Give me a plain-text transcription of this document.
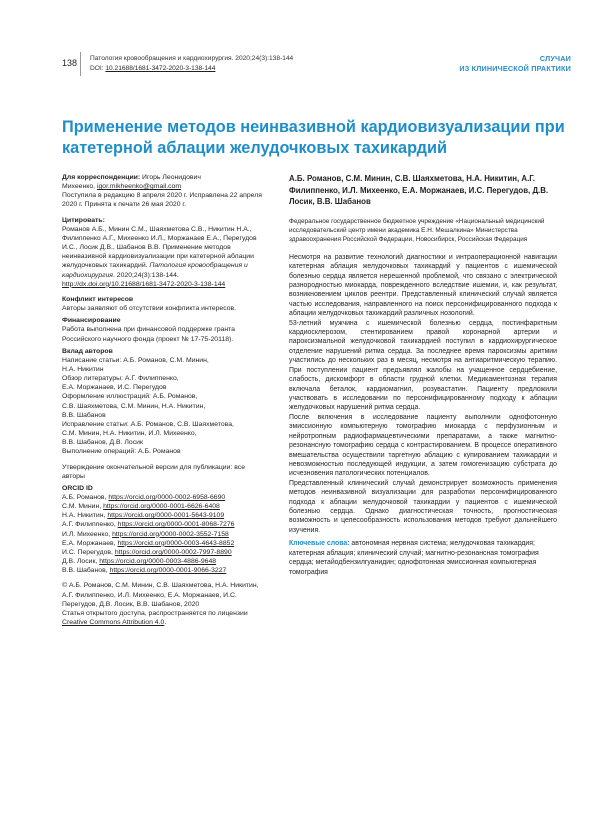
138 Патология кровообращения и кардиохирургия. 2020;24(3):138-144
DOI: 10.21688/1681-3472-2020-3-138-144
СЛУЧАИ
ИЗ КЛИНИЧЕСКОЙ ПРАКТИКИ
Применение методов неинвазивной кардиовизуализации при катетерной аблации желудочковых тахикардий

Для корреспонденции: Игорь Леонидович
Михеенко, igor.mikheenko@gmail.com

Поступила в редакцию 8 апреля 2020 г. Исправлена 22 апреля 2020 г. Принята к печати 26 мая 2020 г.

Цитировать:

Романов А.Б., Минин С.М., Шаяхметова С.В., Никитин Н.А., Филиппенко А.Г., Михеенко И.Л., Моржанаев Е.А., Перегудов И.С., Лосик Д.В., Шабанов В.В. Применение методов неинвазивной кардиовизуализации при катетерной аблации желудочковых тахикардий. Патология кровообращения и кардиохирургия. 2020;24(3):138-144. http://dx.doi.org/10.21688/1681-3472-2020-3-138-144

Конфликт интересов

Авторы заявляют об отсутствии конфликта интересов.

Финансирование

Работа выполнена при финансовой поддержке гранта Российского научного фонда (проект № 17-75-20118).

Вклад авторов

Написание статьи: А.Б. Романов, С.М. Минин,

Н.А. Никитин

Обзор литературы: А.Г. Филиппенко,

Е.А. Моржанаев, И.С. Перегудов

Оформление иллюстраций: А.Б. Романов,

С.В. Шаяхметова, С.М. Минин, Н.А. Никитин,

В.В. Шабанов

Исправление статьи: А.Б. Романов, С.В. Шаяхметова,

С.М. Минин, Н.А. Никитин, И.Л. Михеенко,

В.В. Шабанов, Д.В. Лосик

Выполнение операций: А.Б. Романов

Утверждение окончательной версии для публикации: все авторы

ORCID ID

А.Б. Романов, https://orcid.org/0000-0002-6958-6690

С.М. Минин, https://orcid.org/0000-0001-6626-6408

Н.А. Никитин, https://orcid.org/0000-0001-5643-9109

А.Г. Филиппенко, https://orcid.org/0000-0001-8068-7276

И.Л. Михеенко, https://orcid.org/0000-0002-3552-7158

Е.А. Моржанаев, https://orcid.org/0000-0003-4643-8852

И.С. Перегудов, https://orcid.org/0000-0002-7997-8890

Д.В. Лосик, https://orcid.org/0000-0003-4886-9648

В.В. Шабанов, https://orcid.org/0000-0001-9066-3227

© А.Б. Романов, С.М. Минин, С.В. Шаяхметова, Н.А. Никитин, А.Г. Филиппенко, И.Л. Михеенко, Е.А. Моржанаев, И.С. Перегудов, Д.В. Лосик, В.В. Шабанов, 2020

Статья открытого доступа, распространяется по лицензии Creative Commons Attribution 4.0.

А.Б. Романов, С.М. Минин, С.В. Шаяхметова, Н.А. Никитин, А.Г. Филиппенко, И.Л. Михеенко, Е.А. Моржанаев, И.С. Перегудов, Д.В. Лосик, В.В. Шабанов

Федеральное государственное бюджетное учреждение «Национальный медицинский исследовательский центр имени академика Е.Н. Мешалкина» Министерства здравоохранения Российской Федерации, Новосибирск, Российская Федерация

Несмотря на развитие технологий диагностики и интраоперационной навигации катетерная аблация желудочковых тахикардий у пациентов с ишемической болезнью сердца является нерешенной проблемой, что связано с электрической разнородностью миокарда, поврежденного вследствие ишемии, и, как результат, возникновением циклов реентри. Представленный клинический случай является частью исследования, направленного на поиск персонифицированного подхода к аблации желудочковых тахикардий различных нозологий.

53-летний мужчина с ишемической болезнью сердца, постинфарктным кардиосклерозом, стентированием правой коронарной артерии и пароксизмальной желудочковой тахикардией поступил в кардиохирургическое отделение нарушений ритма сердца. За последнее время пароксизмы аритмии участились до нескольких раз в месяц, несмотря на антиаритмическую терапию. При поступлении пациент предъявлял жалобы на учащенное сердцебиение, слабость, дискомфорт в области грудной клетки. Медикаментозная терапия включала беталок, кардиомагнил, розувастатин. Пациенту предложили участвовать в исследовании по персонифицированному подходу к аблации желудочковых нарушений ритма сердца.

После включения в исследование пациенту выполнили однофотонную эмиссионную компьютерную томографию миокарда с перфузионным и нейротропным радиофармацевтическими препаратами, а также магнитно-резонансную томографию сердца с контрастированием. В процессе оперативного вмешательства осуществили таргетную аблацию с купированием тахикардии и невозможностью последующей индукции, а затем гомогенизацию субстрата до исчезновения патологических потенциалов.

Представленный клинический случай демонстрирует возможность применения методов неинвазивной визуализации для разработки персонифицированного подхода к аблации желудочковой тахикардии у пациентов с ишемической болезнью сердца. Однако диагностическая точность, прогностическая возможность и целесообразность использования методов требуют дальнейшего изучения.

Ключевые слова: автономная нервная система; желудочковая тахикардия; катетерная аблация; клинический случай; магнитно-резонансная томография сердца; метайодбензилгуанидин; однофотонная эмиссионная компьютерная томография
